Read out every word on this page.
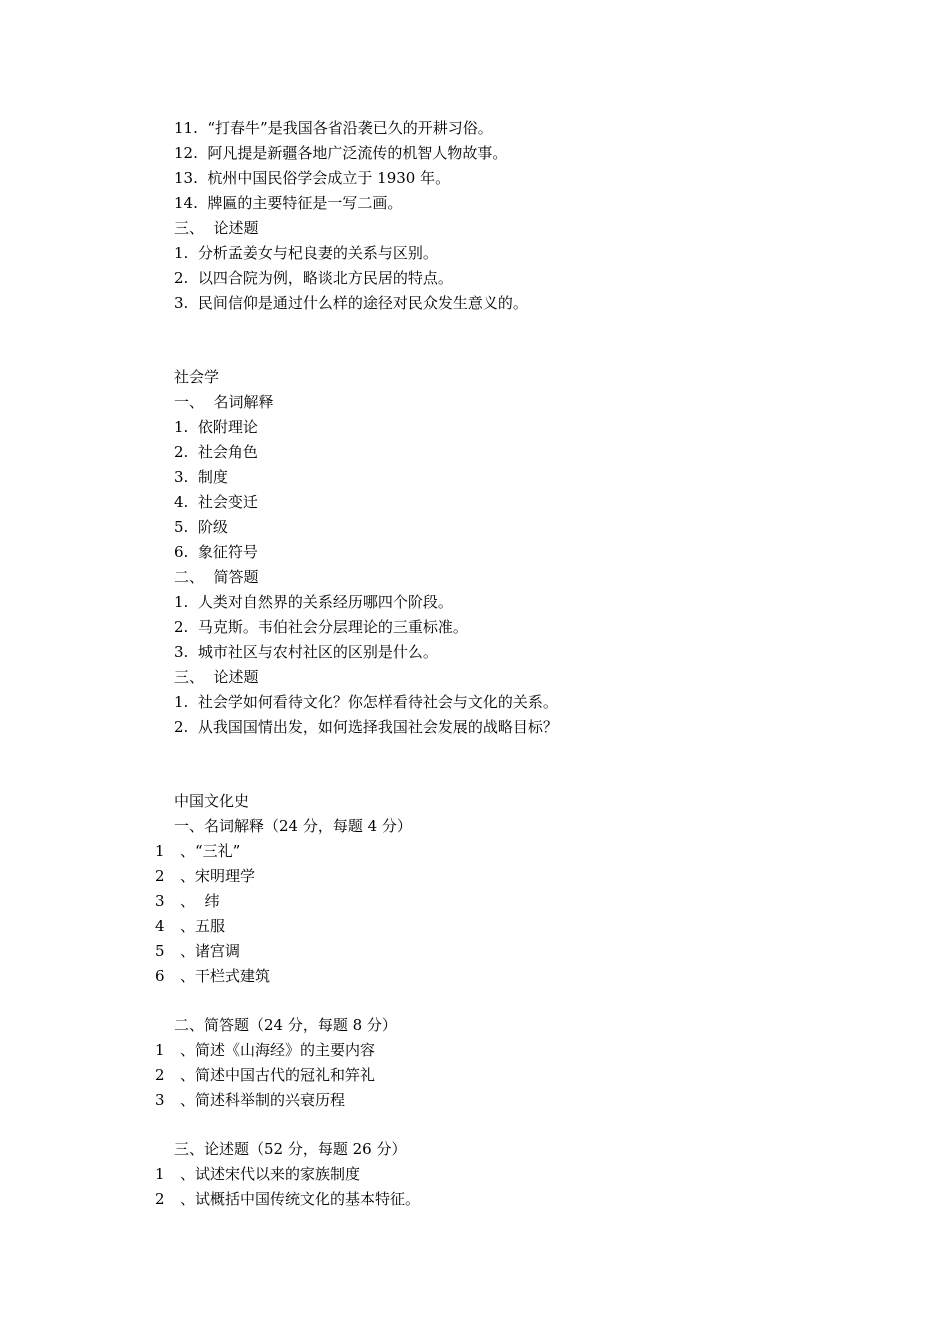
11.  “打春牛”是我国各省沿袭已久的开耕习俗。
12.  阿凡提是新疆各地广泛流传的机智人物故事。
13.  杭州中国民俗学会成立于 1930 年。
14.  牌匾的主要特征是一写二画。
三、  论述题
1.  分析孟姜女与杞良妻的关系与区别。
2.  以四合院为例，略谈北方民居的特点。
3.  民间信仰是通过什么样的途径对民众发生意义的。
社会学
一、  名词解释
1.  依附理论
2.  社会角色
3.  制度
4.  社会变迁
5.  阶级
6.  象征符号
二、  简答题
1.  人类对自然界的关系经历哪四个阶段。
2.  马克斯。韦伯社会分层理论的三重标准。
3.  城市社区与农村社区的区别是什么。
三、  论述题
1.  社会学如何看待文化？你怎样看待社会与文化的关系。
2.  从我国国情出发，如何选择我国社会发展的战略目标？
中国文化史
一、名词解释（24 分，每题 4 分）
1 、“三礼”
2 、宋明理学
3 、  纬
4 、五服
5 、诸宫调
6 、干栏式建筑
二、简答题（24 分，每题 8 分）
1 、简述《山海经》的主要内容
2 、简述中国古代的冠礼和笄礼
3 、简述科举制的兴衰历程
三、论述题（52 分，每题 26 分）
1 、试述宋代以来的家族制度
2 、试概括中国传统文化的基本特征。
